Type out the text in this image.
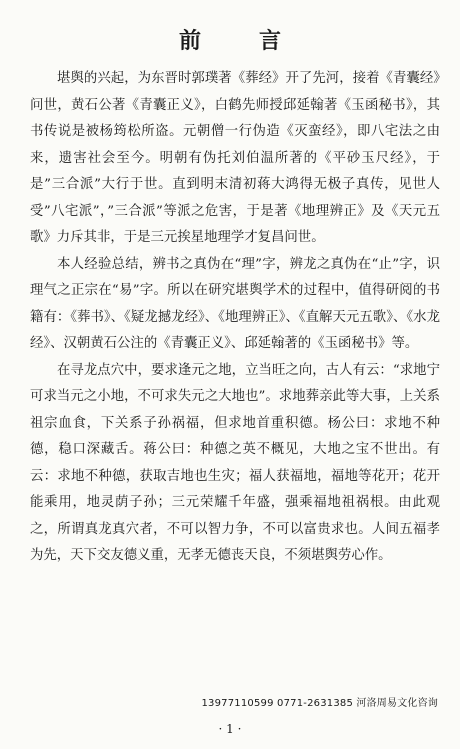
前　言

堪舆的兴起，为东晋时郭璞著《葬经》开了先河，接着《青囊经》问世，黄石公著《青囊正义》，白鹤先师授邱延翰著《玉函秘书》，其书传说是被杨筠松所盗。元朝僧一行伪造《灭蛮经》，即八宅法之由来，遗害社会至今。明朝有伪托刘伯温所著的《平砂玉尺经》，于是”三合派”大行于世。直到明末清初蒋大鸿得无极子真传，见世人受”八宅派”，”三合派”等派之危害，于是著《地理辨正》及《天元五歌》力斥其非，于是三元挨星地理学才复昌问世。

本人经验总结，辨书之真伪在“理”字，辨龙之真伪在“止”字，识理气之正宗在“易”字。所以在研究堪舆学术的过程中，值得研阅的书籍有：《葬书》、《疑龙撼龙经》、《地理辨正》、《直解天元五歌》、《水龙经》、汉朝黄石公注的《青囊正义》、邱延翰著的《玉函秘书》等。

在寻龙点穴中，要求逢元之地，立当旺之向，古人有云：“求地宁可求当元之小地，不可求失元之大地也”。求地葬亲此等大事，上关系祖宗血食，下关系子孙祸福，但求地首重积德。杨公曰：求地不种德，稳口深藏舌。蒋公曰：种德之英不概见，大地之宝不世出。有云：求地不种德，获取吉地也生灾；福人获福地，福地等花开；花开能乘用，地灵荫子孙；三元荣耀千年盛，强乘福地祖祸根。由此观之，所谓真龙真穴者，不可以智力争，不可以富贵求也。人间五福孝为先，天下交友德义重，无孝无德丧天良，不须堪舆劳心作。

13977110599 0771-2631385 河洛周易文化咨询
· 1 ·
